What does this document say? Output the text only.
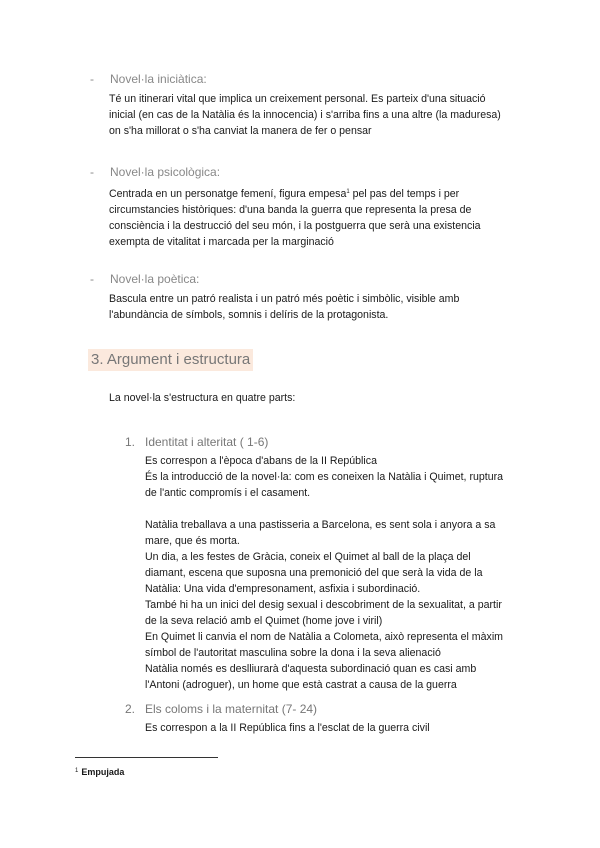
- Novel·la iniciàtica:
Té un itinerari vital que implica un creixement personal. Es parteix d'una situació
inicial (en cas de la Natàlia és la innocencia) i s'arriba fins a una altre (la maduresa)
on s'ha millorat o s'ha canviat la manera de fer o pensar
- Novel·la psicològica:
Centrada en un personatge femení, figura empesa$^1$ pel pas del temps i per
circumstancies històriques: d'una banda la guerra que representa la presa de
consciència i la destrucció del seu món, i la postguerra que serà una existencia
exempta de vitalitat i marcada per la marginació
- Novel·la poètica:
Bascula entre un patró realista i un patró més poètic i simbòlic, visible amb
l'abundància de símbols, somnis i delíris de la protagonista.
3. Argument i estructura
La novel·la s'estructura en quatre parts:
1. Identitat i alteritat ( 1-6)
Es correspon a l'època d'abans de la II República
És la introducció de la novel·la: com es coneixen la Natàlia i Quimet, ruptura
de l'antic compromís i el casament.
Natàlia treballava a una pastisseria a Barcelona, es sent sola i anyora a sa
mare, que és morta.
Un dia, a les festes de Gràcia, coneix el Quimet al ball de la plaça del
diamant, escena que suposna una premonició del que serà la vida de la
Natàlia: Una vida d'empresonament, asfixia i subordinació.
També hi ha un inici del desig sexual i descobriment de la sexualitat, a partir
de la seva relació amb el Quimet (home jove i viril)
En Quimet li canvia el nom de Natàlia a Colometa, això representa el màxim
símbol de l'autoritat masculina sobre la dona i la seva alienació
Natàlia només es deslliurarà d'aquesta subordinació quan es casi amb
l'Antoni (adroguer), un home que està castrat a causa de la guerra
2. Els coloms i la maternitat (7- 24)
Es correspon a la II República fins a l'esclat de la guerra civil
$^1$ Empujada
